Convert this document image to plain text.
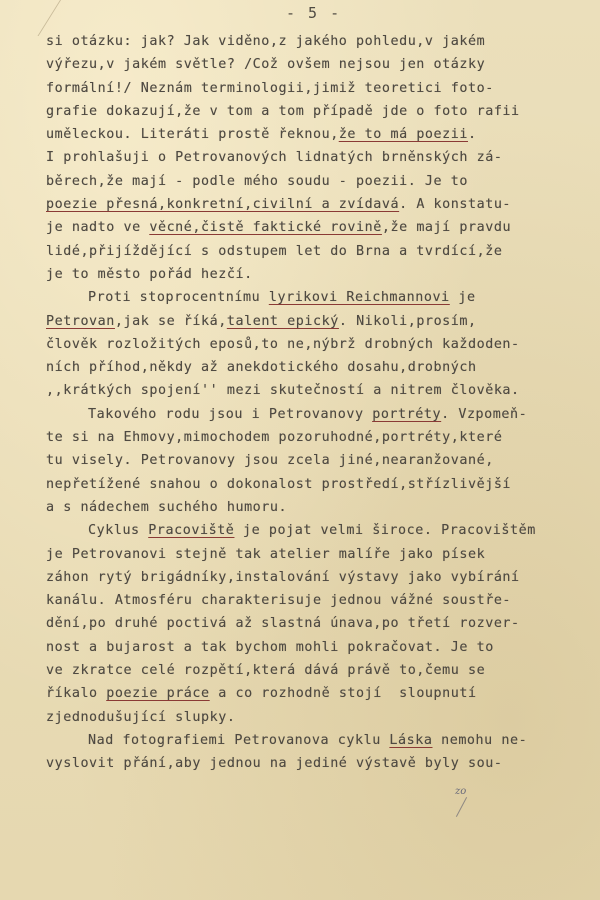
- 5 -
si otázku: jak? Jak viděno,z jakého pohledu,v jakém
výřezu,v jakém světle? /Což ovšem nejsou jen otázky
formální!/ Neznám terminologii,jimiž teoretici foto-
grafie dokazují,že v tom a tom případě jde o foto rafii
uměleckou. Literáti prostě řeknou,že to má poezii.
I prohlašuji o Petrovanových lidnatých brněnských zá-
běrech,že mají - podle mého soudu - poezii. Je to
poezie přesná,konkretní,civilní a zvídavá. A konstatu-
je nadto ve věcné,čistě faktické rovině,že mají pravdu
lidé,přijíždějící s odstupem let do Brna a tvrdící,že
je to město pořád hezčí.
Proti stoprocentnímu lyrikovi Reichmannovi je
Petrovan,jak se říká,talent epický. Nikoli,prosím,
člověk rozložitých eposů,to ne,nýbrž drobných každoden-
ních příhod,někdy až anekdotického dosahu,drobných
,,krátkých spojení'' mezi skutečností a nitrem člověka.
Takového rodu jsou i Petrovanovy portréty. Vzpomeň-
te si na Ehmovy,mimochodem pozoruhodné,portréty,které
tu visely. Petrovanovy jsou zcela jiné,nearanžované,
nepřetížené snahou o dokonalost prostředí,střízlivější
a s nádechem suchého humoru.
Cyklus Pracoviště je pojat velmi široce. Pracovištěm
je Petrovanovi stejně tak atelier malíře jako písek
záhon rytý brigádníky,instalování výstavy jako vybírání
kanálu. Atmosféru charakterisuje jednou vážné soustře-
dění,po druhé poctivá až slastná únava,po třetí rozver-
nost a bujarost a tak bychom mohli pokračovat. Je to
ve zkratce celé rozpětí,která dává právě to,čemu se
říkalo poezie práce a co rozhodně stojí  sloupnutí
zjednodušující slupky.
Nad fotografiemi Petrovanova cyklu Láska nemohu ne-
vyslovit přání,aby jednou na jediné výstavě byly sou-
zo
